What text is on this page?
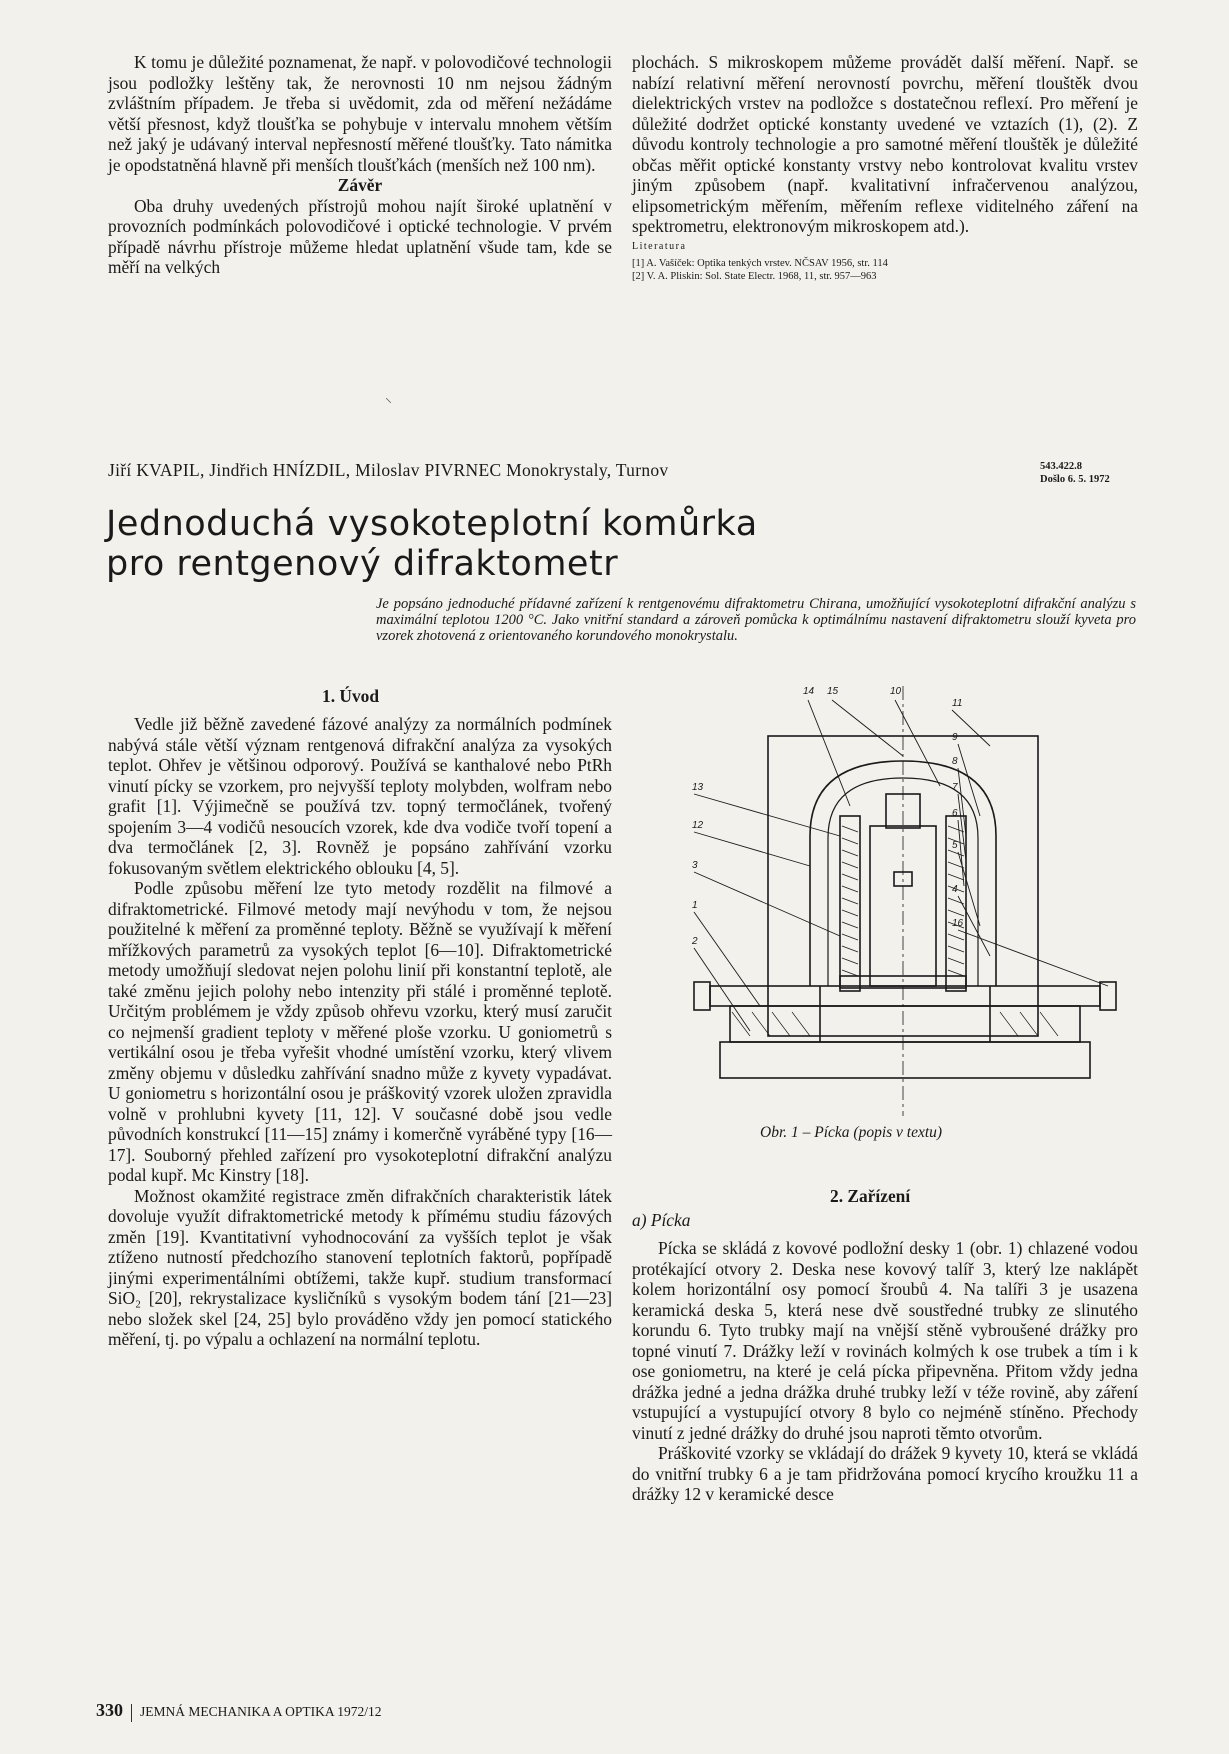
K tomu je důležité poznamenat, že např. v polovodičové technologii jsou podložky leštěny tak, že nerovnosti 10 nm nejsou žádným zvláštním případem. Je třeba si uvědomit, zda od měření nežádáme větší přesnost, když tloušťka se pohybuje v intervalu mnohem větším než jaký je udávaný interval nepřesností měřené tloušťky. Tato námitka je opodstatněná hlavně při menších tloušťkách (menších než 100 nm).

Závěr

Oba druhy uvedených přístrojů mohou najít široké uplatnění v provozních podmínkách polovodičové i optické technologie. V prvém případě návrhu přístroje můžeme hledat uplatnění všude tam, kde se měří na velkých

plochách. S mikroskopem můžeme provádět další měření. Např. se nabízí relativní měření nerovností povrchu, měření tlouštěk dvou dielektrických vrstev na podložce s dostatečnou reflexí. Pro měření je důležité dodržet optické konstanty uvedené ve vztazích (1), (2). Z důvodu kontroly technologie a pro samotné měření tlouštěk je důležité občas měřit optické konstanty vrstvy nebo kontrolovat kvalitu vrstev jiným způsobem (např. kvalitativní infračervenou analýzou, elipsometrickým měřením, měřením reflexe viditelného záření na spektrometru, elektronovým mikroskopem atd.).

Literatura

[1] A. Vašíček: Optika tenkých vrstev. NČSAV 1956, str. 114

[2] V. A. Pliskin: Sol. State Electr. 1968, 11, str. 957—963

⸜
Jiří KVAPIL, Jindřich HNÍZDIL, Miloslav PIVRNEC Monokrystaly, Turnov	543.422.8
Došlo 6. 5. 1972
Jednoduchá vysokoteplotní komůrka
pro rentgenový difraktometr
Je popsáno jednoduché přídavné zařízení k rentgenovému difraktometru Chirana, umožňující vysokoteplotní difrakční analýzu s maximální teplotou 1200 °C. Jako vnitřní standard a zároveň pomůcka k optimálnímu nastavení difraktometru slouží kyveta pro vzorek zhotovená z orientovaného korundového monokrystalu.
1. Úvod

Vedle již běžně zavedené fázové analýzy za normálních podmínek nabývá stále větší význam rentgenová difrakční analýza za vysokých teplot. Ohřev je většinou odporový. Používá se kanthalové nebo PtRh vinutí pícky se vzorkem, pro nejvyšší teploty molybden, wolfram nebo grafit [1]. Výjimečně se používá tzv. topný termočlánek, tvořený spojením 3—4 vodičů nesoucích vzorek, kde dva vodiče tvoří topení a dva termočlánek [2, 3]. Rovněž je popsáno zahřívání vzorku fokusovaným světlem elektrického oblouku [4, 5].

Podle způsobu měření lze tyto metody rozdělit na filmové a difraktometrické. Filmové metody mají nevýhodu v tom, že nejsou použitelné k měření za proměnné teploty. Běžně se využívají k měření mřížkových parametrů za vysokých teplot [6—10]. Difraktometrické metody umožňují sledovat nejen polohu linií při konstantní teplotě, ale také změnu jejich polohy nebo intenzity při stálé i proměnné teplotě. Určitým problémem je vždy způsob ohřevu vzorku, který musí zaručit co nejmenší gradient teploty v měřené ploše vzorku. U goniometrů s vertikální osou je třeba vyřešit vhodné umístění vzorku, který vlivem změny objemu v důsledku zahřívání snadno může z kyvety vypadávat. U goniometru s horizontální osou je práškovitý vzorek uložen zpravidla volně v prohlubni kyvety [11, 12]. V současné době jsou vedle původních konstrukcí [11—15] známy i komerčně vyráběné typy [16—17]. Souborný přehled zařízení pro vysokoteplotní difrakční analýzu podal kupř. Mc Kinstry [18].

Možnost okamžité registrace změn difrakčních charakteristik látek dovoluje využít difraktometrické metody k přímému studiu fázových změn [19]. Kvantitativní vyhodnocování za vyšších teplot je však ztíženo nutností předchozího stanovení teplotních faktorů, popřípadě jinými experimentálními obtížemi, takže kupř. studium transformací SiO₂ [20], rekrystalizace kysličníků s vysokým bodem tání [21—23] nebo složek skel [24, 25] bylo prováděno vždy jen pomocí statického měření, tj. po výpalu a ochlazení na normální teplotu.

14 15	10
11
9
8
7
6
5
4
16
13
12
3
1
2
Obr. 1 – Pícka (popis v textu)
2. Zařízení
a) Pícka

Pícka se skládá z kovové podložní desky 1 (obr. 1) chlazené vodou protékající otvory 2. Deska nese kovový talíř 3, který lze naklápět kolem horizontální osy pomocí šroubů 4. Na talíři 3 je usazena keramická deska 5, která nese dvě soustředné trubky ze slinutého korundu 6. Tyto trubky mají na vnější stěně vybroušené drážky pro topné vinutí 7. Drážky leží v rovinách kolmých k ose trubek a tím i k ose goniometru, na které je celá pícka připevněna. Přitom vždy jedna drážka jedné a jedna drážka druhé trubky leží v téže rovině, aby záření vstupující a vystupující otvory 8 bylo co nejméně stíněno. Přechody vinutí z jedné drážky do druhé jsou naproti těmto otvorům.

Práškovité vzorky se vkládají do drážek 9 kyvety 10, která se vkládá do vnitřní trubky 6 a je tam přidržována pomocí krycího kroužku 11 a drážky 12 v keramické desce

330 JEMNÁ MECHANIKA A OPTIKA 1972/12
